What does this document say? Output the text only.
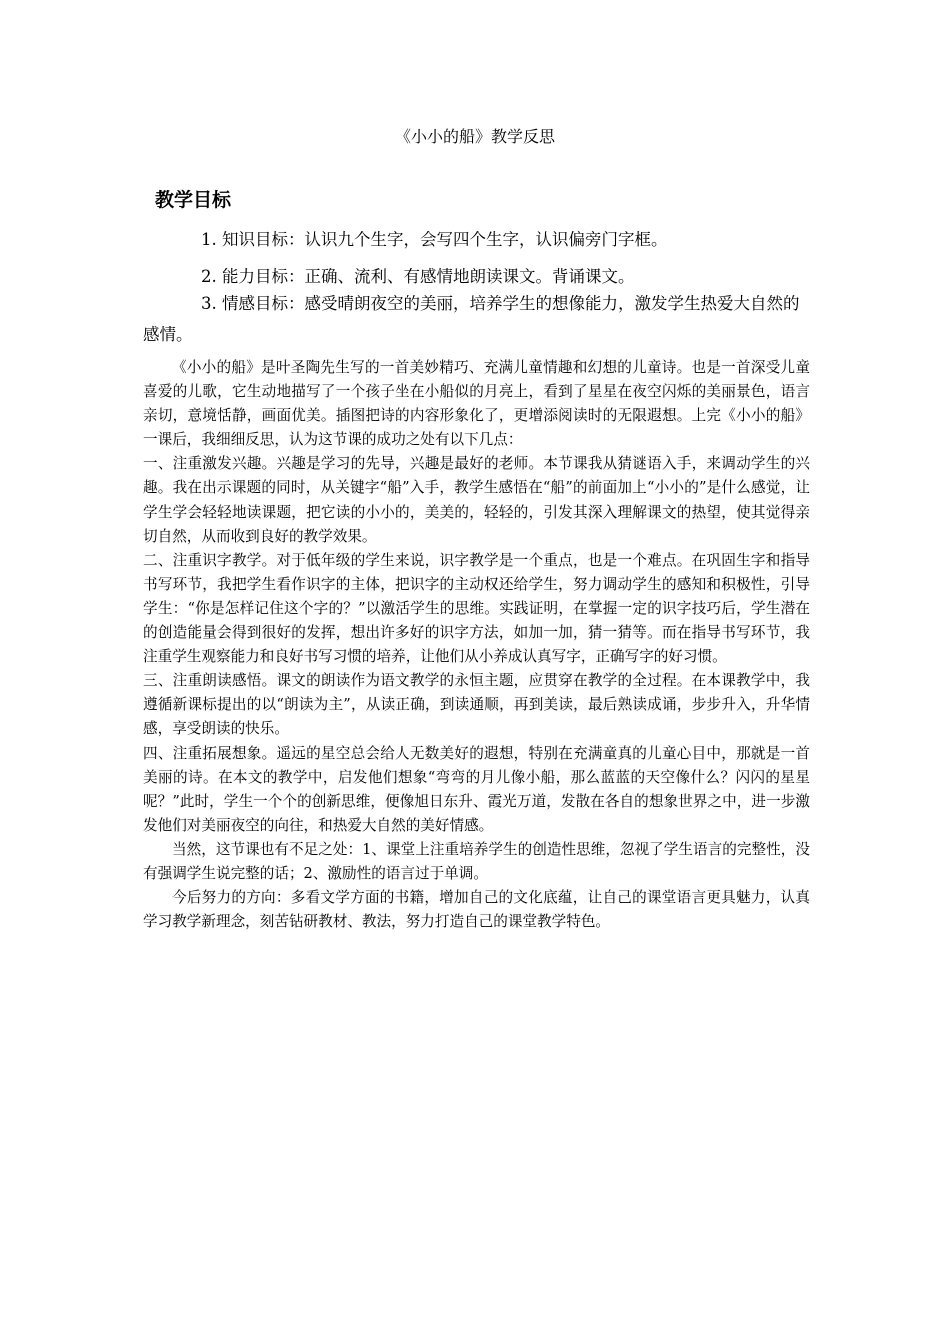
《小小的船》教学反思
教学目标
1. 知识目标：认识九个生字，会写四个生字，认识偏旁门字框。
2. 能力目标：正确、流利、有感情地朗读课文。背诵课文。
3. 情感目标：感受晴朗夜空的美丽，培养学生的想像能力，激发学生热爱大自然的感情。

《小小的船》是叶圣陶先生写的一首美妙精巧、充满儿童情趣和幻想的儿童诗。也是一首深受儿童喜爱的儿歌，它生动地描写了一个孩子坐在小船似的月亮上，看到了星星在夜空闪烁的美丽景色，语言亲切，意境恬静，画面优美。插图把诗的内容形象化了，更增添阅读时的无限遐想。上完《小小的船》一课后，我细细反思，认为这节课的成功之处有以下几点：

一、注重激发兴趣。兴趣是学习的先导，兴趣是最好的老师。本节课我从猜谜语入手，来调动学生的兴趣。我在出示课题的同时，从关键字“船”入手，教学生感悟在“船”的前面加上“小小的”是什么感觉，让学生学会轻轻地读课题，把它读的小小的，美美的，轻轻的，引发其深入理解课文的热望，使其觉得亲切自然，从而收到良好的教学效果。

二、注重识字教学。对于低年级的学生来说，识字教学是一个重点，也是一个难点。在巩固生字和指导书写环节，我把学生看作识字的主体，把识字的主动权还给学生，努力调动学生的感知和积极性，引导学生：“你是怎样记住这个字的？”以激活学生的思维。实践证明，在掌握一定的识字技巧后，学生潜在的创造能量会得到很好的发挥，想出许多好的识字方法，如加一加，猜一猜等。而在指导书写环节，我注重学生观察能力和良好书写习惯的培养，让他们从小养成认真写字，正确写字的好习惯。

三、注重朗读感悟。课文的朗读作为语文教学的永恒主题，应贯穿在教学的全过程。在本课教学中，我遵循新课标提出的以“朗读为主”，从读正确，到读通顺，再到美读，最后熟读成诵，步步升入，升华情感，享受朗读的快乐。

四、注重拓展想象。遥远的星空总会给人无数美好的遐想，特别在充满童真的儿童心目中，那就是一首美丽的诗。在本文的教学中，启发他们想象“弯弯的月儿像小船，那么蓝蓝的天空像什么？闪闪的星星呢？”此时，学生一个个的创新思维，便像旭日东升、霞光万道，发散在各自的想象世界之中，进一步激发他们对美丽夜空的向往，和热爱大自然的美好情感。

当然，这节课也有不足之处：1、课堂上注重培养学生的创造性思维，忽视了学生语言的完整性，没有强调学生说完整的话；2、激励性的语言过于单调。

今后努力的方向：多看文学方面的书籍，增加自己的文化底蕴，让自己的课堂语言更具魅力，认真学习教学新理念，刻苦钻研教材、教法，努力打造自己的课堂教学特色。
